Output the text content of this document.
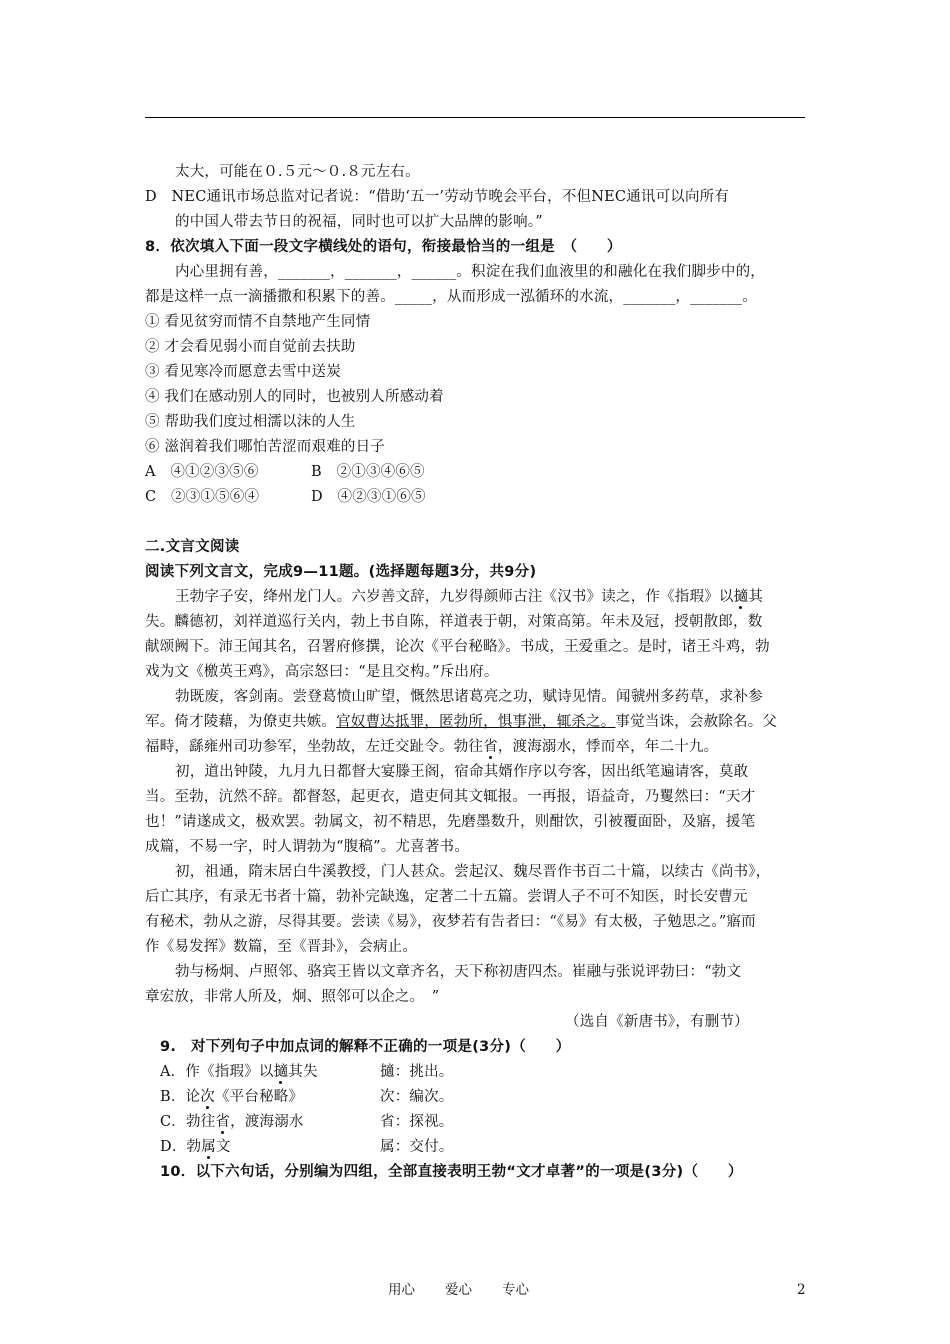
太大，可能在０.５元～０.８元左右。
D　NEC通讯市场总监对记者说：“借助‘五一’劳动节晚会平台，不但NEC通讯可以向所有
的中国人带去节日的祝福，同时也可以扩大品牌的影响。”
8．依次填入下面一段文字横线处的语句，衔接最恰当的一组是　（　　）
内心里拥有善，_______，_______，______。积淀在我们血液里的和融化在我们脚步中的，
都是这样一点一滴播撒和积累下的善。_____，从而形成一泓循环的水流，_______，_______。
① 看见贫穷而情不自禁地产生同情
② 才会看见弱小而自觉前去扶助
③ 看见寒冷而愿意去雪中送炭
④ 我们在感动别人的同时，也被别人所感动着
⑤ 帮助我们度过相濡以沫的人生
⑥ 滋润着我们哪怕苦涩而艰难的日子
A　④①②③⑤⑥	B　②①③④⑥⑤
C　②③①⑤⑥④	D　④②③①⑥⑤
二.文言文阅读
阅读下列文言文，完成9—11题。(选择题每题3分，共9分)
王勃字子安，绛州龙门人。六岁善文辞，九岁得颜师古注《汉书》读之，作《指瑕》以擿其
失。麟德初，刘祥道巡行关内，勃上书自陈，祥道表于朝，对策高第。年未及冠，授朝散郎，数
献颂阙下。沛王闻其名，召署府修撰，论次《平台秘略》。书成，王爱重之。是时，诸王斗鸡，勃
戏为文《檄英王鸡》，高宗怒曰：“是且交构。”斥出府。
勃既废，客剑南。尝登葛愤山旷望，慨然思诸葛亮之功，赋诗见情。闻虢州多药草，求补参
军。倚才陵藉，为僚吏共嫉。官奴曹达抵罪，匿勃所，惧事泄，辄杀之。事觉当诛，会赦除名。父
福畤，繇雍州司功参军，坐勃故，左迁交趾令。勃往省，渡海溺水，悸而卒，年二十九。
初，道出钟陵，九月九日都督大宴滕王阁，宿命其婿作序以夸客，因出纸笔遍请客，莫敢
当。至勃，沆然不辞。都督怒，起更衣，遣吏伺其文辄报。一再报，语益奇，乃矍然曰：“天才
也！”请遂成文，极欢罢。勃属文，初不精思，先磨墨数升，则酣饮，引被覆面卧，及寤，援笔
成篇，不易一字，时人谓勃为“腹稿”。尤喜著书。
初，祖通，隋末居白牛溪教授，门人甚众。尝起汉、魏尽晋作书百二十篇，以续古《尚书》，
后亡其序，有录无书者十篇，勃补完缺逸，定著二十五篇。尝谓人子不可不知医，时长安曹元
有秘术，勃从之游，尽得其要。尝读《易》，夜梦若有告者曰：“《易》有太极，子勉思之。”寤而
作《易发挥》数篇，至《晋卦》，会病止。
勃与杨炯、卢照邻、骆宾王皆以文章齐名，天下称初唐四杰。崔融与张说评勃曰：“勃文
章宏放，非常人所及，炯、照邻可以企之。　”
（选自《新唐书》，有删节）
9.　对下列句子中加点词的解释不正确的一项是(3分)（　　）
A．作《指瑕》以擿其失	擿：挑出。
B．论次《平台秘略》	次：编次。
C．勃往省，渡海溺水	省：探视。
D．勃属文	属：交付。
10．以下六句话，分别编为四组，全部直接表明王勃“文才卓著”的一项是(3分)（　　）
用心 爱心 专心	2
